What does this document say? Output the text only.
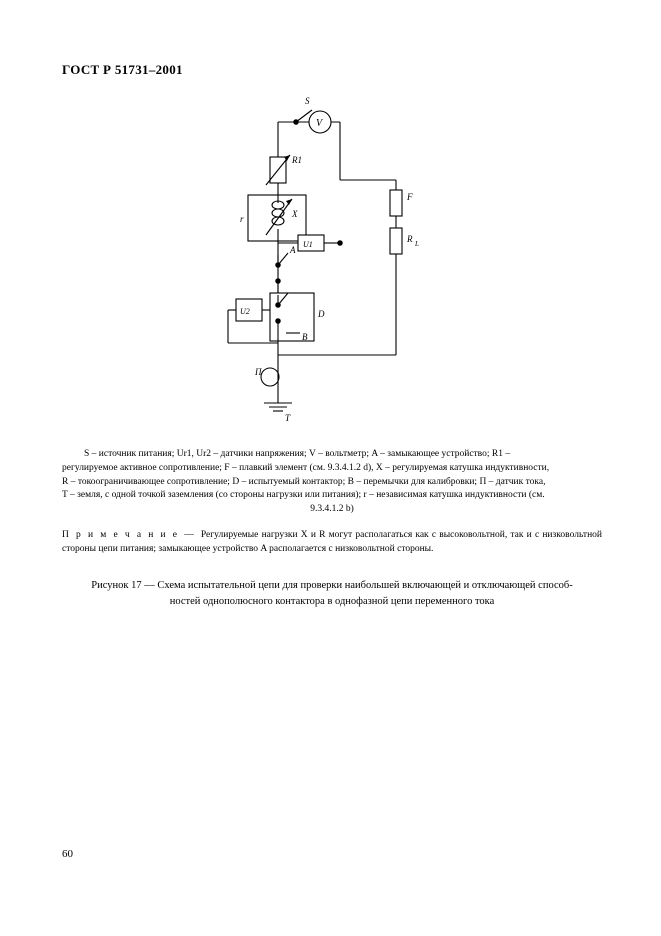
ГОСТ Р 51731–2001
S
V
R1
r	X
U1
F
R L
A
U2	D
B
П
T
S – источник питания; Ur1, Ur2 – датчики напряжения; V – вольтметр; A – замыкающее устройство; R1 –
регулируемое активное сопротивление; F – плавкий элемент (см. 9.3.4.1.2 d), X – регулируемая катушка индуктивности,
R – токоограничивающее сопротивление; D – испытуемый контактор; B – перемычки для калибровки; П – датчик тока,
T – земля, с одной точкой заземления (со стороны нагрузки или питания); r – независимая катушка индуктивности (см.
9.3.4.1.2 b)
П р и м е ч а н и е — Регулируемые нагрузки X и R могут располагаться как с высоковольтной, так и с низковольтной стороны цепи питания; замыкающее устройство A располагается с низковольтной стороны.
Рисунок 17 — Схема испытательной цепи для проверки наибольшей включающей и отключающей способ-
ностей однополюсного контактора в однофазной цепи переменного тока
60
